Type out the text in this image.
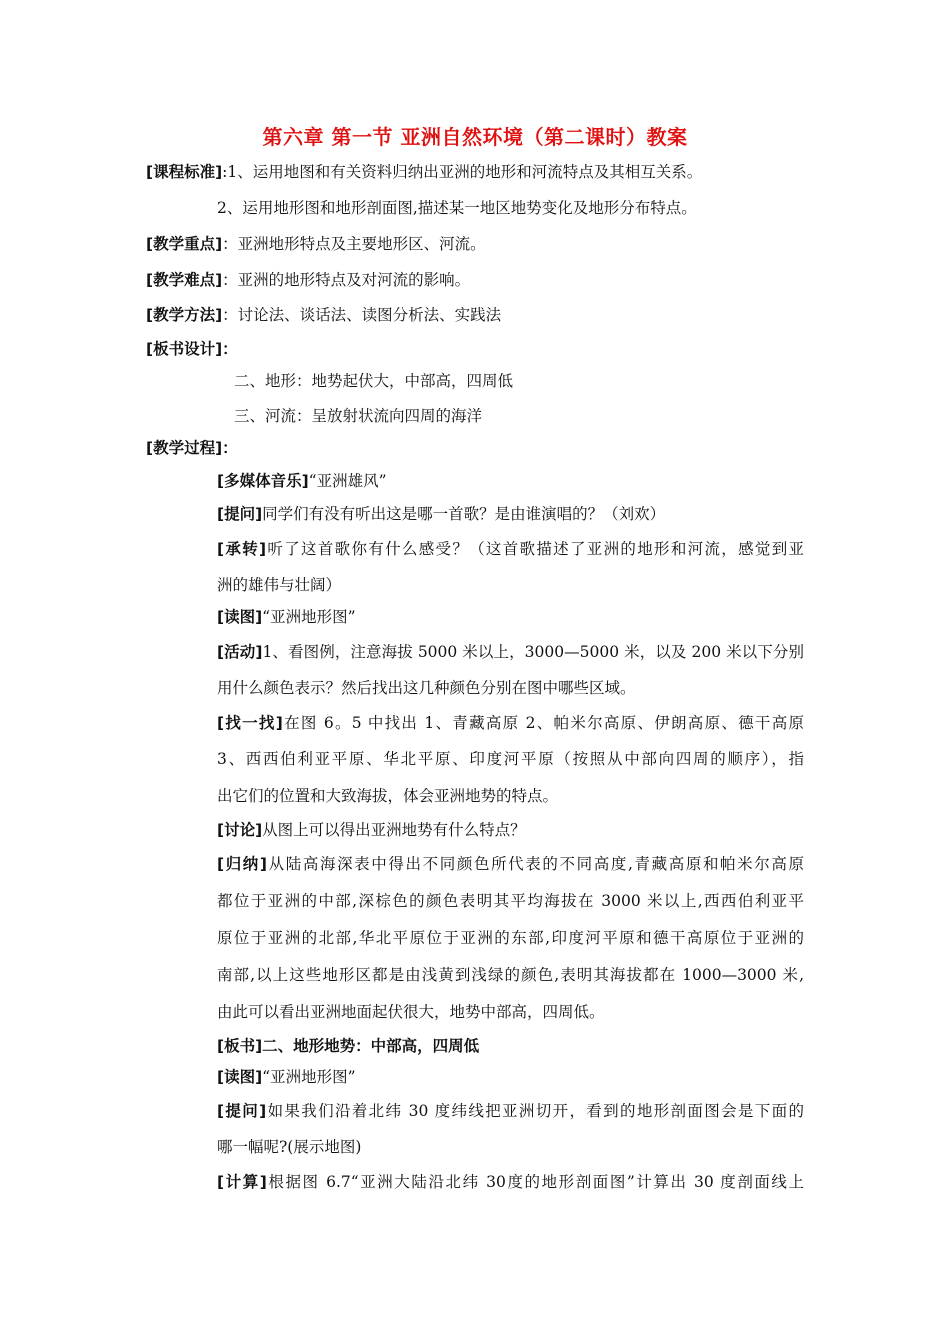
第六章 第一节 亚洲自然环境（第二课时）教案
[课程标准]:1、运用地图和有关资料归纳出亚洲的地形和河流特点及其相互关系。
2、运用地形图和地形剖面图,描述某一地区地势变化及地形分布特点。
[教学重点]：亚洲地形特点及主要地形区、河流。
[教学难点]：亚洲的地形特点及对河流的影响。
[教学方法]：讨论法、谈话法、读图分析法、实践法
[板书设计]：
二、地形：地势起伏大，中部高，四周低
三、河流：呈放射状流向四周的海洋
[教学过程]：
[多媒体音乐]“亚洲雄风”
[提问]同学们有没有听出这是哪一首歌？是由谁演唱的？（刘欢）
[承转]听了这首歌你有什么感受？（这首歌描述了亚洲的地形和河流，感觉到亚
洲的雄伟与壮阔）
[读图]“亚洲地形图”
[活动]1、看图例，注意海拔 5000 米以上，3000—5000 米，以及 200 米以下分别
用什么颜色表示？然后找出这几种颜色分别在图中哪些区域。
[找一找]在图 6。5 中找出 1、青藏高原 2、帕米尔高原、伊朗高原、德干高原
3、西西伯利亚平原、华北平原、印度河平原（按照从中部向四周的顺序），指
出它们的位置和大致海拔，体会亚洲地势的特点。
[讨论]从图上可以得出亚洲地势有什么特点？
[归纳]从陆高海深表中得出不同颜色所代表的不同高度,青藏高原和帕米尔高原
都位于亚洲的中部,深棕色的颜色表明其平均海拔在 3000 米以上,西西伯利亚平
原位于亚洲的北部,华北平原位于亚洲的东部,印度河平原和德干高原位于亚洲的
南部,以上这些地形区都是由浅黄到浅绿的颜色,表明其海拔都在 1000—3000 米,
由此可以看出亚洲地面起伏很大，地势中部高，四周低。
[板书]二、地形地势：中部高，四周低
[读图]“亚洲地形图”
[提问]如果我们沿着北纬 30 度纬线把亚洲切开，看到的地形剖面图会是下面的
哪一幅呢?(展示地图)
[计算]根据图 6.7“亚洲大陆沿北纬 30度的地形剖面图”计算出 30 度剖面线上
